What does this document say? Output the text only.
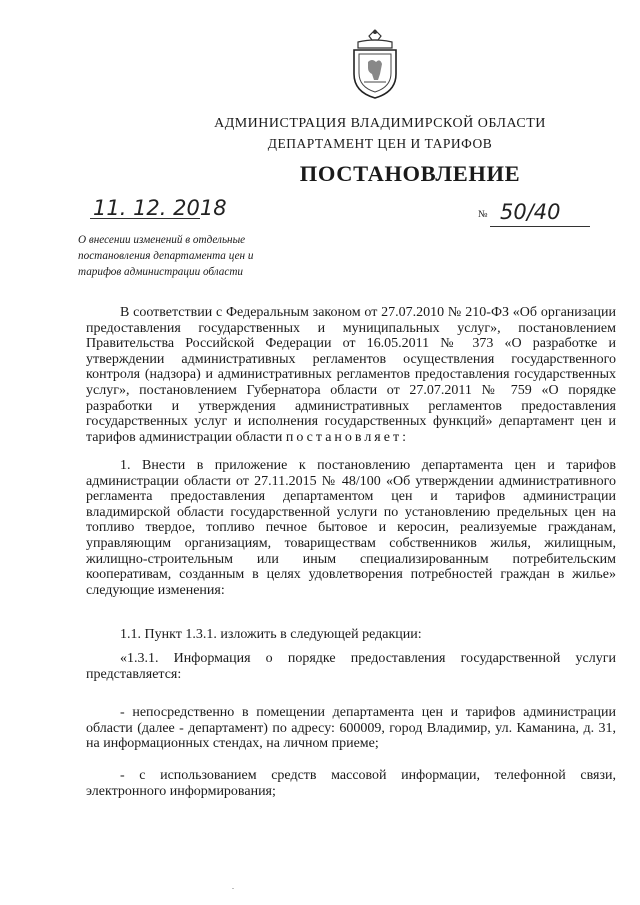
АДМИНИСТРАЦИЯ ВЛАДИМИРСКОЙ ОБЛАСТИ
ДЕПАРТАМЕНТ ЦЕН И ТАРИФОВ
ПОСТАНОВЛЕНИЕ
11. 12. 2018	№ 50/40
О внесении изменений в отдельные постановления департамента цен и тарифов администрации области
В соответствии с Федеральным законом от 27.07.2010 № 210-ФЗ «Об организации предоставления государственных и муниципальных услуг», постановлением Правительства Российской Федерации от 16.05.2011 № 373 «О разработке и утверждении административных регламентов осуществления государственного контроля (надзора) и административных регламентов предоставления государственных услуг», постановлением Губернатора области от 27.07.2011 № 759 «О порядке разработки и утверждения административных регламентов предоставления государственных услуг и исполнения государственных функций» департамент цен и тарифов администрации области постановляет:
1. Внести в приложение к постановлению департамента цен и тарифов администрации области от 27.11.2015 № 48/100 «Об утверждении административного регламента предоставления департаментом цен и тарифов администрации владимирской области государственной услуги по установлению предельных цен на топливо твердое, топливо печное бытовое и керосин, реализуемые гражданам, управляющим организациям, товариществам собственников жилья, жилищным, жилищно-строительным или иным специализированным потребительским кооперативам, созданным в целях удовлетворения потребностей граждан в жилье» следующие изменения:
1.1. Пункт 1.3.1. изложить в следующей редакции:
«1.3.1. Информация о порядке предоставления государственной услуги представляется:
- непосредственно в помещении департамента цен и тарифов администрации области (далее - департамент) по адресу: 600009, город Владимир, ул. Каманина, д. 31, на информационных стендах, на личном приеме;
- с использованием средств массовой информации, телефонной связи, электронного информирования;
.
